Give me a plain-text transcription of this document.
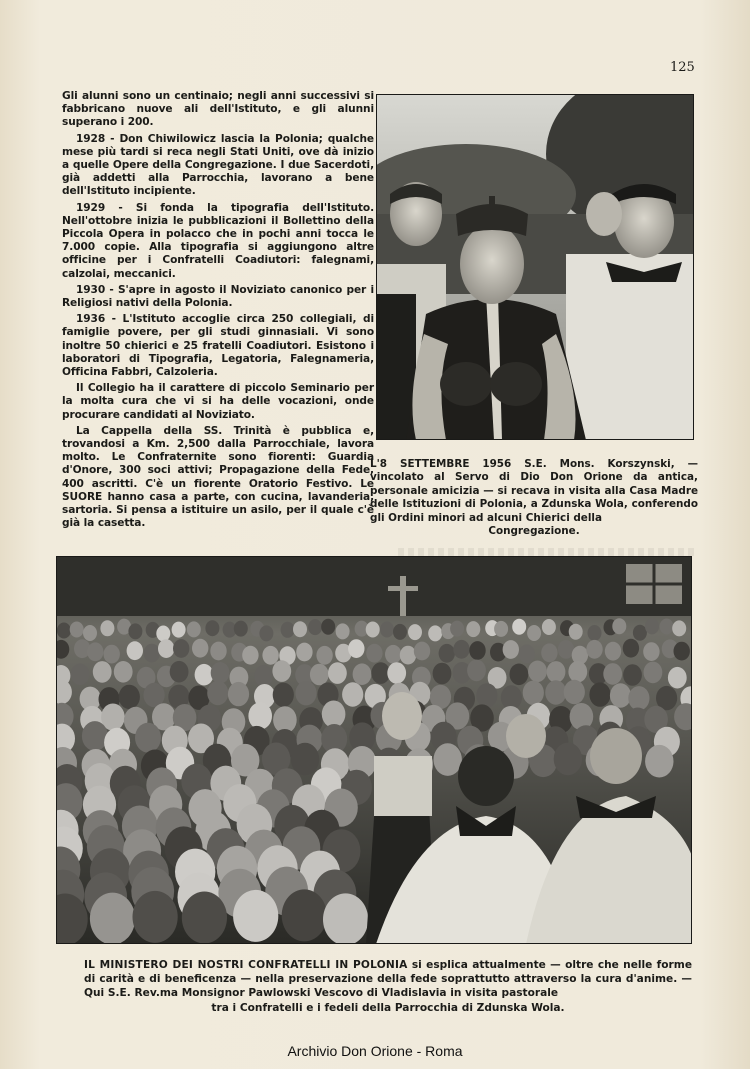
125

Gli alunni sono un centinaio; negli anni successivi si fabbricano nuove ali dell'Istituto, e gli alunni superano i 200.

1928 - Don Chiwilowicz lascia la Polonia; qualche mese più tardi si reca negli Stati Uniti, ove dà inizio a quelle Opere della Congregazione. I due Sacerdoti, già addetti alla Parrocchia, lavorano a bene dell'Istituto incipiente.

1929 - Si fonda la tipografia dell'Istituto. Nell'ottobre inizia le pubblicazioni il Bollettino della Piccola Opera in polacco che in pochi anni tocca le 7.000 copie. Alla tipografia si aggiungono altre officine per i Confratelli Coadiutori: falegnami, calzolai, meccanici.

1930 - S'apre in agosto il Noviziato canonico per i Religiosi nativi della Polonia.

1936 - L'Istituto accoglie circa 250 collegiali, di famiglie povere, per gli studi ginnasiali. Vi sono inoltre 50 chierici e 25 fratelli Coadiutori. Esistono i laboratori di Tipografia, Legatoria, Falegnameria, Officina Fabbri, Calzoleria.

Il Collegio ha il carattere di piccolo Seminario per la molta cura che vi si ha delle vocazioni, onde procurare candidati al Noviziato.

La Cappella della SS. Trinità è pubblica e, trovandosi a Km. 2,500 dalla Parrocchiale, lavora molto. Le Confraternite sono fiorenti: Guardia d'Onore, 300 soci attivi; Propagazione della Fede, 400 ascritti. C'è un fiorente Oratorio Festivo. Le SUORE hanno casa a parte, con cucina, lavanderia, sartoria. Si pensa a istituire un asilo, per il quale c'è già la casetta.

L'8 SETTEMBRE 1956 S.E. Mons. Korszynski, — vincolato al Servo di Dio Don Orione da antica, personale amicizia — si recava in visita alla Casa Madre delle Istituzioni di Polonia, a Zdunska Wola, conferendo gli Ordini minori ad alcuni Chierici della
Congregazione.
IL MINISTERO DEI NOSTRI CONFRATELLI IN POLONIA si esplica attualmente — oltre che nelle forme di carità e di beneficenza — nella preservazione della fede soprattutto attraverso la cura d'anime. — Qui S.E. Rev.ma Monsignor Pawlowski Vescovo di Vladislavia in visita pastorale
tra i Confratelli e i fedeli della Parrocchia di Zdunska Wola.
Archivio Don Orione - Roma
